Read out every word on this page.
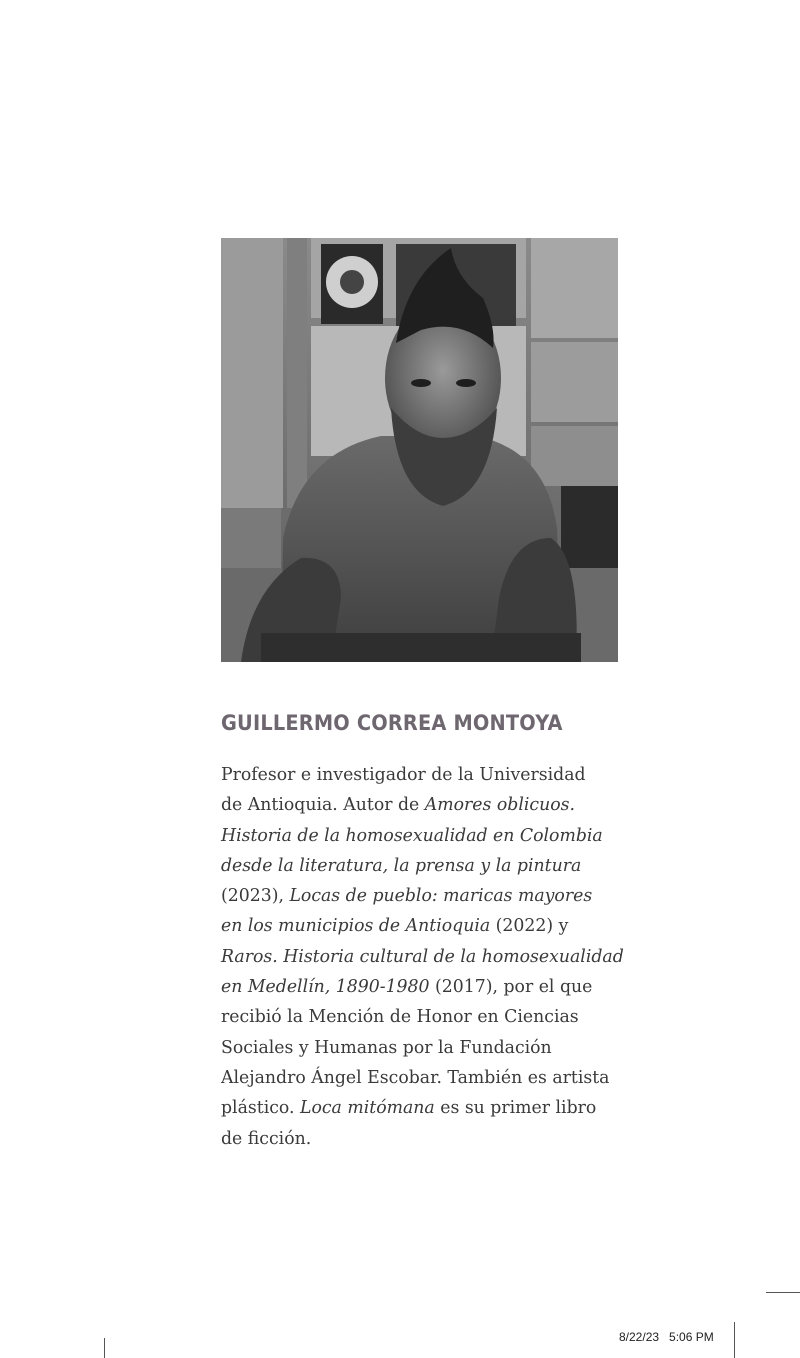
GUILLERMO CORREA MONTOYA
Profesor e investigador de la Universidad
de Antioquia. Autor de Amores oblicuos.
Historia de la homosexualidad en Colombia
desde la literatura, la prensa y la pintura
(2023), Locas de pueblo: maricas mayores
en los municipios de Antioquia (2022) y
Raros. Historia cultural de la homosexualidad
en Medellín, 1890-1980 (2017), por el que
recibió la Mención de Honor en Ciencias
Sociales y Humanas por la Fundación
Alejandro Ángel Escobar. También es artista
plástico. Loca mitómana es su primer libro
de ficción.
8/22/23   5:06 PM
